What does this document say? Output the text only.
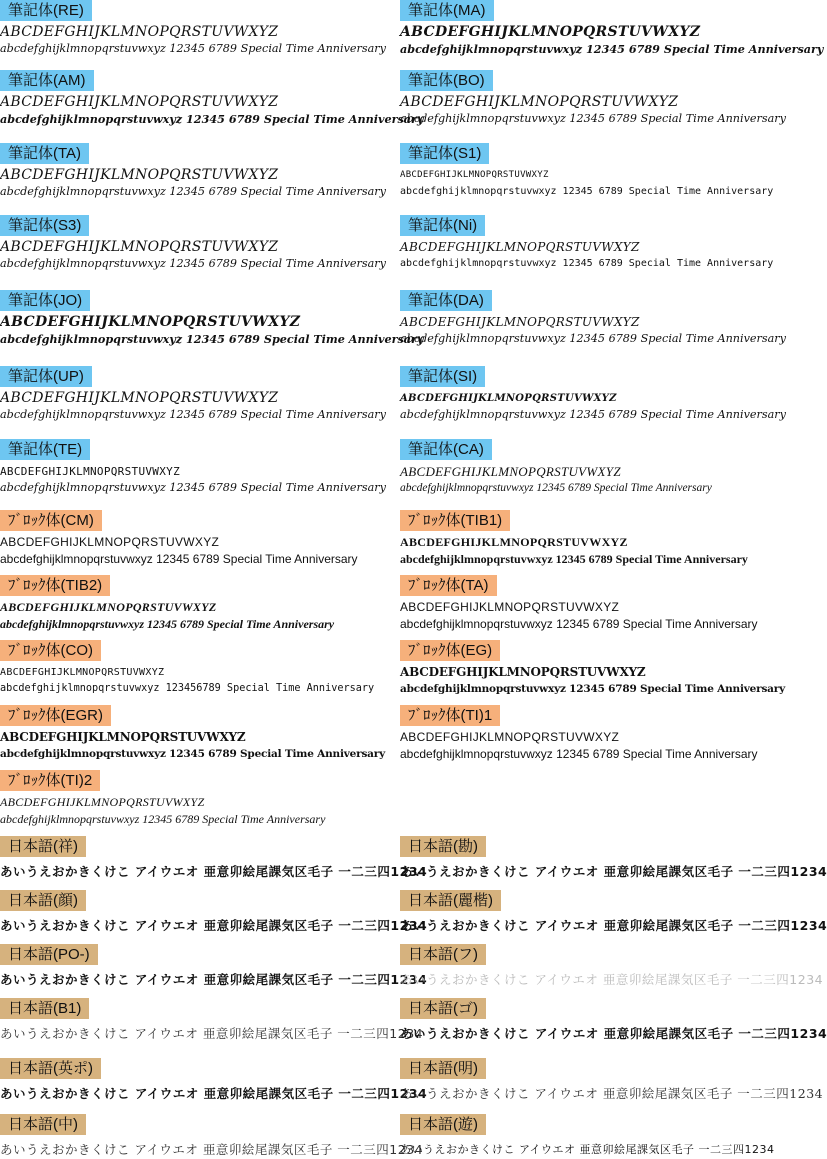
筆記体(RE)
ABCDEFGHIJKLMNOPQRSTUVWXYZ
abcdefghijklmnopqrstuvwxyz 12345 6789 Special Time Anniversary
筆記体(AM)
ABCDEFGHIJKLMNOPQRSTUVWXYZ
abcdefghijklmnopqrstuvwxyz 12345 6789 Special Time Anniversary
筆記体(TA)
ABCDEFGHIJKLMNOPQRSTUVWXYZ
abcdefghijklmnopqrstuvwxyz 12345 6789 Special Time Anniversary
筆記体(S3)
ABCDEFGHIJKLMNOPQRSTUVWXYZ
abcdefghijklmnopqrstuvwxyz 12345 6789 Special Time Anniversary
筆記体(JO)
ABCDEFGHIJKLMNOPQRSTUVWXYZ
abcdefghijklmnopqrstuvwxyz 12345 6789 Special Time Anniversary
筆記体(UP)
ABCDEFGHIJKLMNOPQRSTUVWXYZ
abcdefghijklmnopqrstuvwxyz 12345 6789 Special Time Anniversary
筆記体(TE)
ABCDEFGHIJKLMNOPQRSTUVWXYZ
abcdefghijklmnopqrstuvwxyz 12345 6789 Special Time Anniversary
ﾌﾞﾛｯｸ体(CM)
ABCDEFGHIJKLMNOPQRSTUVWXYZ
abcdefghijklmnopqrstuvwxyz 12345 6789 Special Time Anniversary
ﾌﾞﾛｯｸ体(TIB2)
ABCDEFGHIJKLMNOPQRSTUVWXYZ
abcdefghijklmnopqrstuvwxyz 12345 6789 Special Time Anniversary
ﾌﾞﾛｯｸ体(CO)
ABCDEFGHIJKLMNOPQRSTUVWXYZ
abcdefghijklmnopqrstuvwxyz 123456789 Special Time Anniversary
ﾌﾞﾛｯｸ体(EGR)
ABCDEFGHIJKLMNOPQRSTUVWXYZ
abcdefghijklmnopqrstuvwxyz 12345 6789 Special Time Anniversary
ﾌﾞﾛｯｸ体(TI)2
ABCDEFGHIJKLMNOPQRSTUVWXYZ
abcdefghijklmnopqrstuvwxyz 12345 6789 Special Time Anniversary
日本語(祥)
あいうえおかきくけこ アイウエオ 亜意卯絵尾課気区毛子 一二三四1234
日本語(顔)
あいうえおかきくけこ アイウエオ 亜意卯絵尾課気区毛子 一二三四1234
日本語(PO-)
あいうえおかきくけこ アイウエオ 亜意卯絵尾課気区毛子 一二三四1234
日本語(B1)
あいうえおかきくけこ アイウエオ 亜意卯絵尾課気区毛子 一二三四1234
日本語(英ポ)
あいうえおかきくけこ アイウエオ 亜意卯絵尾課気区毛子 一二三四1234
日本語(中)
あいうえおかきくけこ アイウエオ 亜意卯絵尾課気区毛子 一二三四1234
筆記体(MA)
ABCDEFGHIJKLMNOPQRSTUVWXYZ
abcdefghijklmnopqrstuvwxyz 12345 6789 Special Time Anniversary
筆記体(BO)
ABCDEFGHIJKLMNOPQRSTUVWXYZ
abcdefghijklmnopqrstuvwxyz 12345 6789 Special Time Anniversary
筆記体(S1)
ABCDEFGHIJKLMNOPQRSTUVWXYZ
abcdefghijklmnopqrstuvwxyz 12345 6789 Special Time Anniversary
筆記体(Ni)
ABCDEFGHIJKLMNOPQRSTUVWXYZ
abcdefghijklmnopqrstuvwxyz 12345 6789 Special Time Anniversary
筆記体(DA)
ABCDEFGHIJKLMNOPQRSTUVWXYZ
abcdefghijklmnopqrstuvwxyz 12345 6789 Special Time Anniversary
筆記体(SI)
ABCDEFGHIJKLMNOPQRSTUVWXYZ
abcdefghijklmnopqrstuvwxyz 12345 6789 Special Time Anniversary
筆記体(CA)
ABCDEFGHIJKLMNOPQRSTUVWXYZ
abcdefghijklmnopqrstuvwxyz 12345 6789 Special Time Anniversary
ﾌﾞﾛｯｸ体(TIB1)
ABCDEFGHIJKLMNOPQRSTUVWXYZ
abcdefghijklmnopqrstuvwxyz 12345 6789 Special Time Anniversary
ﾌﾞﾛｯｸ体(TA)
ABCDEFGHIJKLMNOPQRSTUVWXYZ
abcdefghijklmnopqrstuvwxyz 12345 6789 Special Time Anniversary
ﾌﾞﾛｯｸ体(EG)
ABCDEFGHIJKLMNOPQRSTUVWXYZ
abcdefghijklmnopqrstuvwxyz 12345 6789 Special Time Anniversary
ﾌﾞﾛｯｸ体(TI)1
ABCDEFGHIJKLMNOPQRSTUVWXYZ
abcdefghijklmnopqrstuvwxyz 12345 6789 Special Time Anniversary
日本語(勘)
あいうえおかきくけこ アイウエオ 亜意卯絵尾課気区毛子 一二三四1234
日本語(麗楷)
あいうえおかきくけこ アイウエオ 亜意卯絵尾課気区毛子 一二三四1234
日本語(フ)
あいうえおかきくけこ アイウエオ 亜意卯絵尾課気区毛子 一二三四1234
日本語(ゴ)
あいうえおかきくけこ アイウエオ 亜意卯絵尾課気区毛子 一二三四1234
日本語(明)
あいうえおかきくけこ アイウエオ 亜意卯絵尾課気区毛子 一二三四1234
日本語(遊)
あいうえおかきくけこ アイウエオ 亜意卯絵尾課気区毛子 一二三四1234
